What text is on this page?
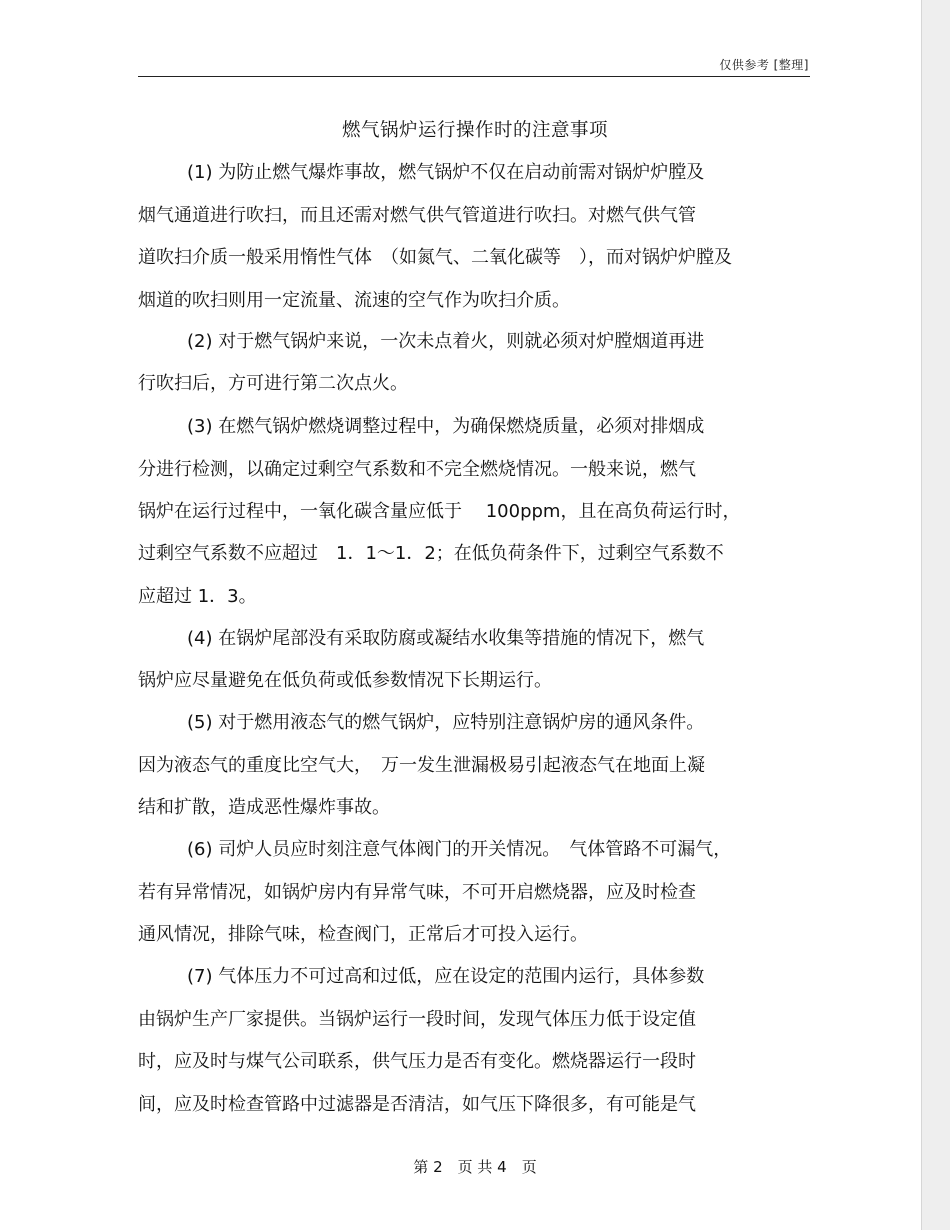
仅供参考 [整理]
燃气锅炉运行操作时的注意事项
(1) 为防止燃气爆炸事故，燃气锅炉不仅在启动前需对锅炉炉膛及
烟气通道进行吹扫，而且还需对燃气供气管道进行吹扫。对燃气供气管
道吹扫介质一般采用惰性气体　（如氮气、二氧化碳等　），而对锅炉炉膛及
烟道的吹扫则用一定流量、流速的空气作为吹扫介质。
(2) 对于燃气锅炉来说，一次未点着火，则就必须对炉膛烟道再进
行吹扫后，方可进行第二次点火。
(3) 在燃气锅炉燃烧调整过程中，为确保燃烧质量，必须对排烟成
分进行检测，以确定过剩空气系数和不完全燃烧情况。一般来说，燃气
锅炉在运行过程中，一氧化碳含量应低于　 100ppm，且在高负荷运行时，
过剩空气系数不应超过　1．1～1．2；在低负荷条件下，过剩空气系数不
应超过 1．3。
(4) 在锅炉尾部没有采取防腐或凝结水收集等措施的情况下，燃气
锅炉应尽量避免在低负荷或低参数情况下长期运行。
(5) 对于燃用液态气的燃气锅炉，应特别注意锅炉房的通风条件。
因为液态气的重度比空气大，　万一发生泄漏极易引起液态气在地面上凝
结和扩散，造成恶性爆炸事故。
(6) 司炉人员应时刻注意气体阀门的开关情况。　气体管路不可漏气，
若有异常情况，如锅炉房内有异常气味，不可开启燃烧器，应及时检查
通风情况，排除气味，检查阀门，正常后才可投入运行。
(7) 气体压力不可过高和过低，应在设定的范围内运行，具体参数
由锅炉生产厂家提供。当锅炉运行一段时间，发现气体压力低于设定值
时，应及时与煤气公司联系，供气压力是否有变化。燃烧器运行一段时
间，应及时检查管路中过滤器是否清洁，如气压下降很多，有可能是气
第 2　页 共 4　页
